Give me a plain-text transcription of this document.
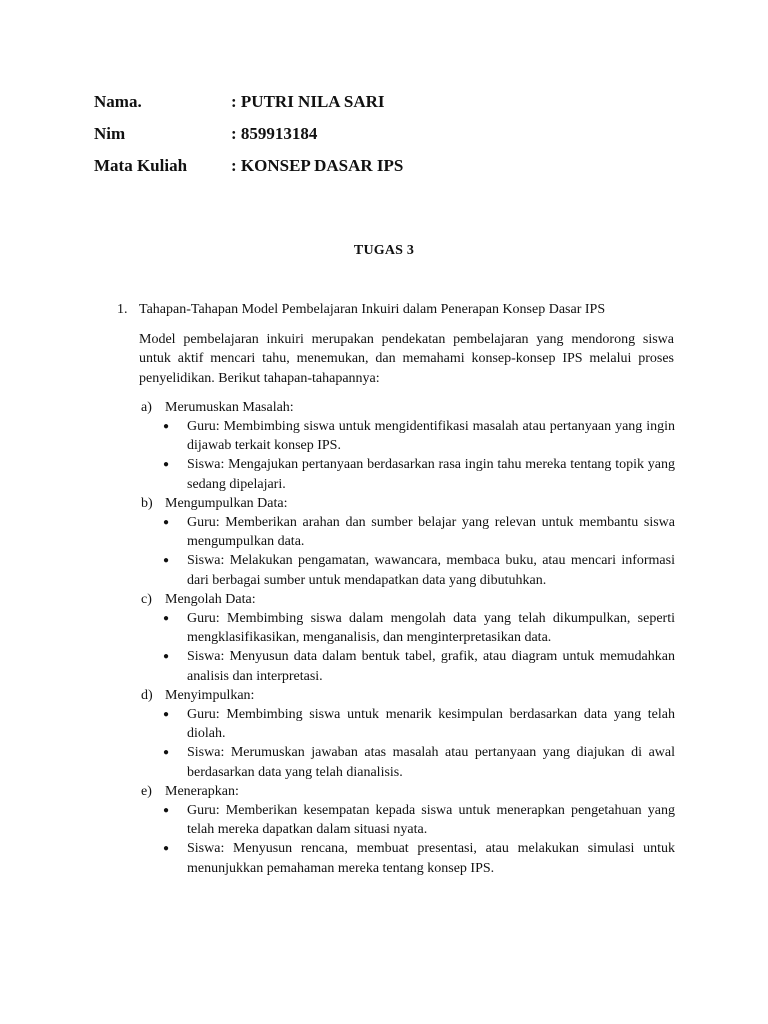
Nama.	: PUTRI NILA SARI
Nim	: 859913184
Mata Kuliah	: KONSEP DASAR IPS
TUGAS 3
1. Tahapan-Tahapan Model Pembelajaran Inkuiri dalam Penerapan Konsep Dasar IPS
Model pembelajaran inkuiri merupakan pendekatan pembelajaran yang mendorong siswa untuk aktif mencari tahu, menemukan, dan memahami konsep-konsep IPS melalui proses penyelidikan. Berikut tahapan-tahapannya:
a) Merumuskan Masalah:
●	Guru: Membimbing siswa untuk mengidentifikasi masalah atau pertanyaan yang ingin dijawab terkait konsep IPS.
●	Siswa: Mengajukan pertanyaan berdasarkan rasa ingin tahu mereka tentang topik yang sedang dipelajari.
b) Mengumpulkan Data:
●	Guru: Memberikan arahan dan sumber belajar yang relevan untuk membantu siswa mengumpulkan data.
●	Siswa: Melakukan pengamatan, wawancara, membaca buku, atau mencari informasi dari berbagai sumber untuk mendapatkan data yang dibutuhkan.
c) Mengolah Data:
●	Guru: Membimbing siswa dalam mengolah data yang telah dikumpulkan, seperti mengklasifikasikan, menganalisis, dan menginterpretasikan data.
●	Siswa: Menyusun data dalam bentuk tabel, grafik, atau diagram untuk memudahkan analisis dan interpretasi.
d) Menyimpulkan:
●	Guru: Membimbing siswa untuk menarik kesimpulan berdasarkan data yang telah diolah.
●	Siswa: Merumuskan jawaban atas masalah atau pertanyaan yang diajukan di awal berdasarkan data yang telah dianalisis.
e) Menerapkan:
●	Guru: Memberikan kesempatan kepada siswa untuk menerapkan pengetahuan yang telah mereka dapatkan dalam situasi nyata.
●	Siswa: Menyusun rencana, membuat presentasi, atau melakukan simulasi untuk menunjukkan pemahaman mereka tentang konsep IPS.
